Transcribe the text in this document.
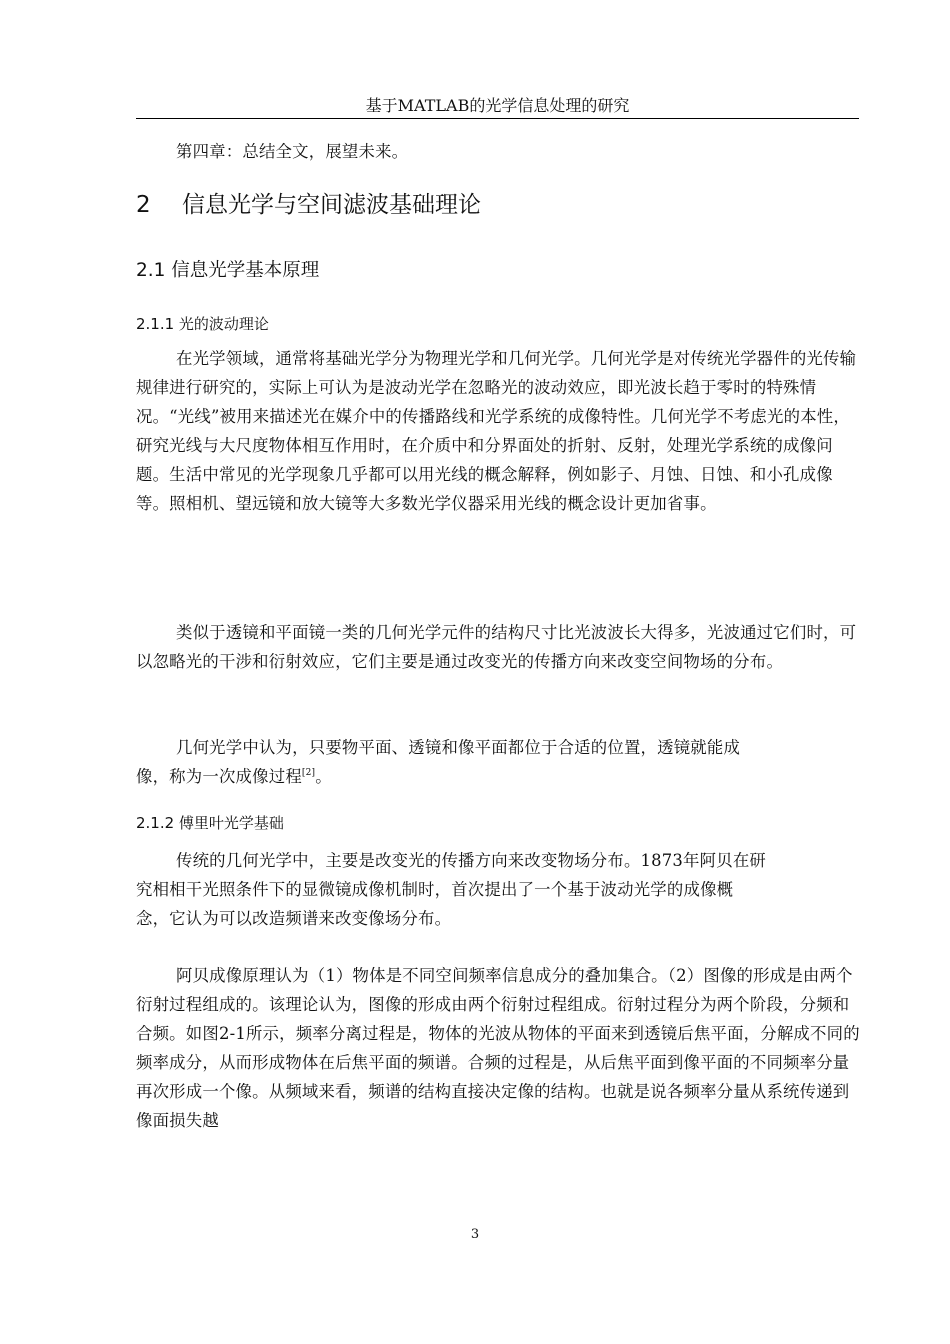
基于MATLAB的光学信息处理的研究
第四章：总结全文，展望未来。
2 信息光学与空间滤波基础理论
2.1 信息光学基本原理
2.1.1 光的波动理论
在光学领域，通常将基础光学分为物理光学和几何光学。几何光学是对传统光学器件的光传输规律进行研究的，实际上可认为是波动光学在忽略光的波动效应，即光波长趋于零时的特殊情况。“光线”被用来描述光在媒介中的传播路线和光学系统的成像特性。几何光学不考虑光的本性，研究光线与大尺度物体相互作用时，在介质中和分界面处的折射、反射，处理光学系统的成像问题。生活中常见的光学现象几乎都可以用光线的概念解释，例如影子、月蚀、日蚀、和小孔成像等。照相机、望远镜和放大镜等大多数光学仪器采用光线的概念设计更加省事。
类似于透镜和平面镜一类的几何光学元件的结构尺寸比光波波长大得多，光波通过它们时，可以忽略光的干涉和衍射效应，它们主要是通过改变光的传播方向来改变空间物场的分布。
几何光学中认为，只要物平面、透镜和像平面都位于合适的位置，透镜就能成
像，称为一次成像过程[2]。
2.1.2 傅里叶光学基础
传统的几何光学中，主要是改变光的传播方向来改变物场分布。1873年阿贝在研
究相相干光照条件下的显微镜成像机制时，首次提出了一个基于波动光学的成像概
念，它认为可以改造频谱来改变像场分布。
阿贝成像原理认为（1）物体是不同空间频率信息成分的叠加集合。（2）图像的形成是由两个衍射过程组成的。该理论认为，图像的形成由两个衍射过程组成。衍射过程分为两个阶段，分频和合频。如图2-1所示，频率分离过程是，物体的光波从物体的平面来到透镜后焦平面，分解成不同的频率成分，从而形成物体在后焦平面的频谱。合频的过程是，从后焦平面到像平面的不同频率分量再次形成一个像。从频域来看，频谱的结构直接决定像的结构。也就是说各频率分量从系统传递到像面损失越
3
